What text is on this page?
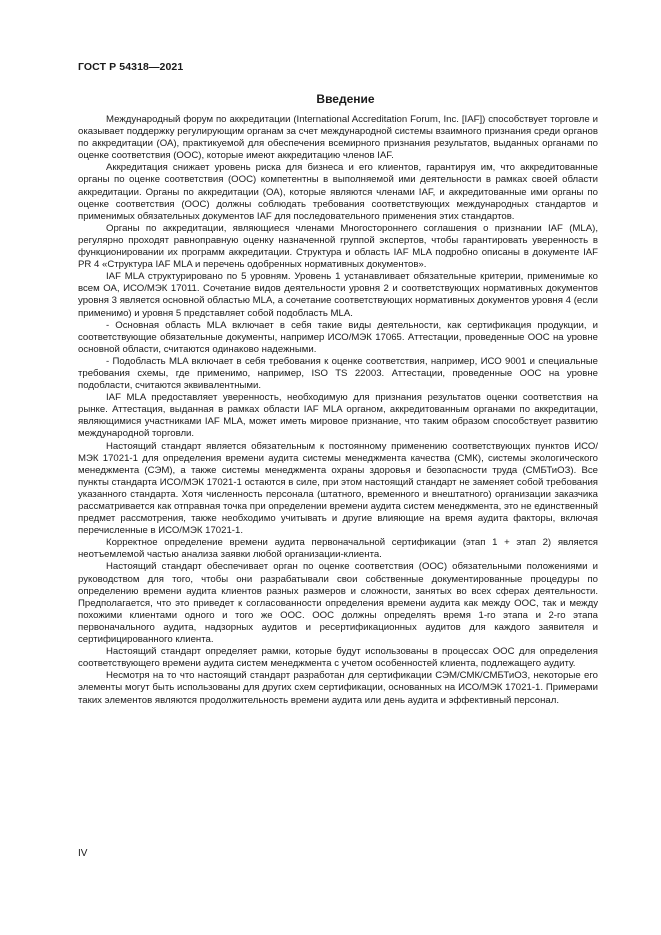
ГОСТ Р 54318—2021
Введение

Международный форум по аккредитации (International Accreditation Forum, Inc. [IAF]) способствует торговле и оказывает поддержку регулирующим органам за счет международной системы взаимного признания среди органов по аккредитации (ОА), практикуемой для обеспечения всемирного признания результатов, выданных органами по оценке соответствия (ООС), которые имеют аккредитацию членов IAF.

Аккредитация снижает уровень риска для бизнеса и его клиентов, гарантируя им, что аккредитованные органы по оценке соответствия (ООС) компетентны в выполняемой ими деятельности в рамках своей области аккредитации. Органы по аккредитации (ОА), которые являются членами IAF, и аккредитованные ими органы по оценке соответствия (ООС) должны соблюдать требования соответствующих международных стандартов и применимых обязательных документов IAF для последовательного применения этих стандартов.

Органы по аккредитации, являющиеся членами Многостороннего соглашения о признании IAF (MLA), регулярно проходят равноправную оценку назначенной группой экспертов, чтобы гарантировать уверенность в функционировании их программ аккредитации. Структура и область IAF MLA подробно описаны в документе IAF PR 4 «Структура IAF MLA и перечень одобренных нормативных документов».

IAF MLA структурировано по 5 уровням. Уровень 1 устанавливает обязательные критерии, применимые ко всем ОА, ИСО/МЭК 17011. Сочетание видов деятельности уровня 2 и соответствующих нормативных документов уровня 3 является основной областью MLA, а сочетание соответствующих нормативных документов уровня 4 (если применимо) и уровня 5 представляет собой подобласть MLA.

- Основная область MLA включает в себя такие виды деятельности, как сертификация продукции, и соответствующие обязательные документы, например ИСО/МЭК 17065. Аттестации, проведенные ООС на уровне основной области, считаются одинаково надежными.

- Подобласть MLA включает в себя требования к оценке соответствия, например, ИСО 9001 и специальные требования схемы, где применимо, например, ISO TS 22003. Аттестации, проведенные ООС на уровне подобласти, считаются эквивалентными.

IAF MLA предоставляет уверенность, необходимую для признания результатов оценки соответствия на рынке. Аттестация, выданная в рамках области IAF MLA органом, аккредитованным органами по аккредитации, являющимися участниками IAF MLA, может иметь мировое признание, что таким образом способствует развитию международной торговли.

Настоящий стандарт является обязательным к постоянному применению соответствующих пунктов ИСО/МЭК 17021-1 для определения времени аудита системы менеджмента качества (СМК), системы экологического менеджмента (СЭМ), а также системы менеджмента охраны здоровья и безопасности труда (СМБТиОЗ). Все пункты стандарта ИСО/МЭК 17021-1 остаются в силе, при этом настоящий стандарт не заменяет собой требования указанного стандарта. Хотя численность персонала (штатного, временного и внештатного) организации заказчика рассматривается как отправная точка при определении времени аудита систем менеджмента, это не единственный предмет рассмотрения, также необходимо учитывать и другие влияющие на время аудита факторы, включая перечисленные в ИСО/МЭК 17021-1.

Корректное определение времени аудита первоначальной сертификации (этап 1 + этап 2) является неотъемлемой частью анализа заявки любой организации-клиента.

Настоящий стандарт обеспечивает орган по оценке соответствия (ООС) обязательными положениями и руководством для того, чтобы они разрабатывали свои собственные документированные процедуры по определению времени аудита клиентов разных размеров и сложности, занятых во всех сферах деятельности. Предполагается, что это приведет к согласованности определения времени аудита как между ООС, так и между похожими клиентами одного и того же ООС. ООС должны определять время 1-го этапа и 2-го этапа первоначального аудита, надзорных аудитов и ресертификационных аудитов для каждого заявителя и сертифицированного клиента.

Настоящий стандарт определяет рамки, которые будут использованы в процессах ООС для определения соответствующего времени аудита систем менеджмента с учетом особенностей клиента, подлежащего аудиту.

Несмотря на то что настоящий стандарт разработан для сертификации СЭМ/СМК/СМБТиОЗ, некоторые его элементы могут быть использованы для других схем сертификации, основанных на ИСО/МЭК 17021-1. Примерами таких элементов являются продолжительность времени аудита или день аудита и эффективный персонал.

IV
